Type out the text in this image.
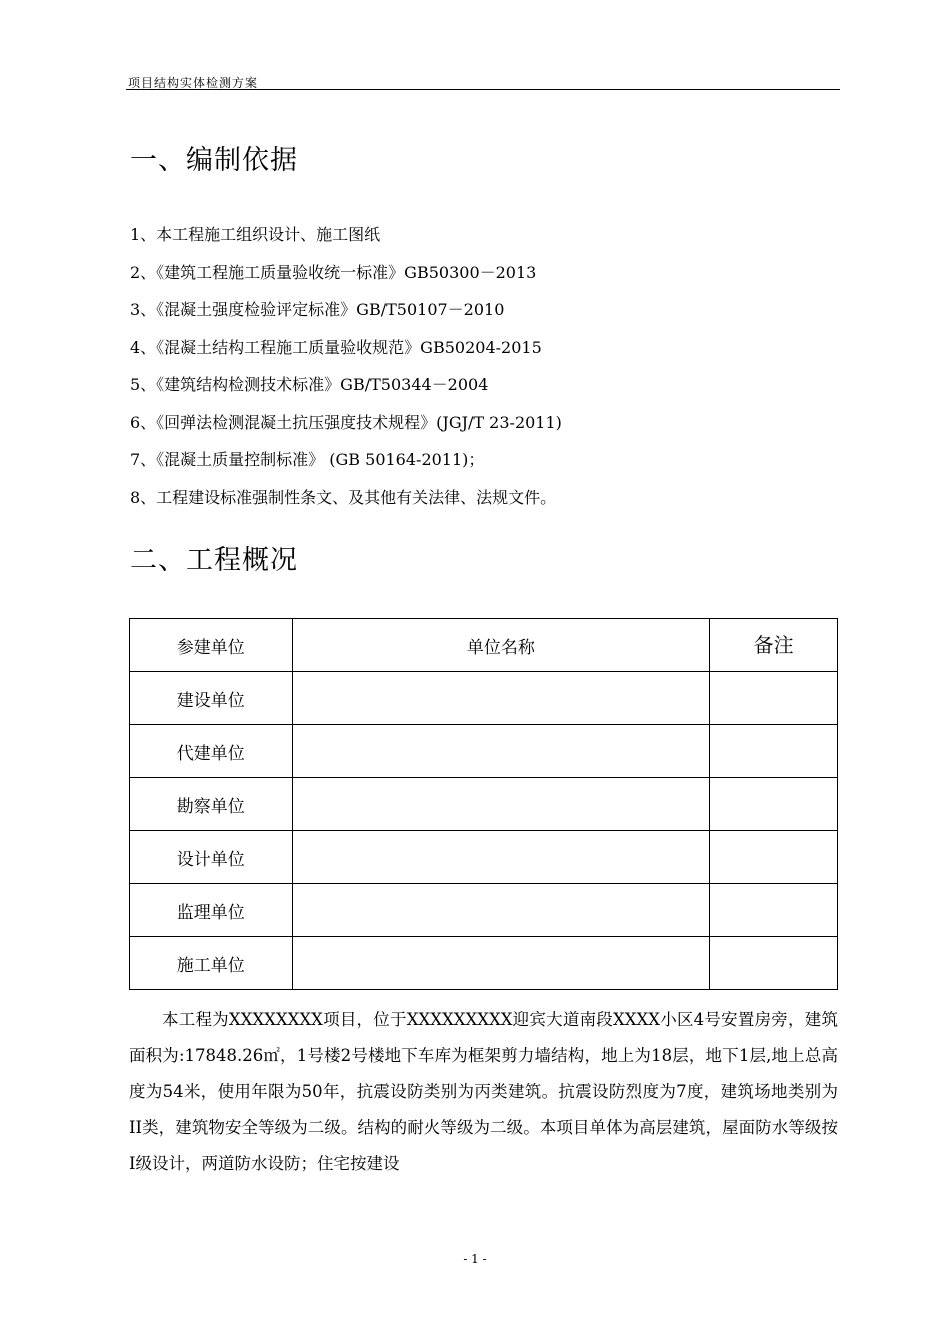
项目结构实体检测方案
一、编制依据
1、本工程施工组织设计、施工图纸
2、《建筑工程施工质量验收统一标准》GB50300－2013
3、《混凝土强度检验评定标准》GB/T50107－2010
4、《混凝土结构工程施工质量验收规范》GB50204-2015
5、《建筑结构检测技术标准》GB/T50344－2004
6、《回弹法检测混凝土抗压强度技术规程》(JGJ/T 23-2011)
7、《混凝土质量控制标准》 (GB 50164-2011)；
8、工程建设标准强制性条文、及其他有关法律、法规文件。
二、工程概况
参建单位	单位名称	备注
建设单位		
代建单位		
勘察单位		
设计单位		
监理单位		
施工单位		

本工程为XXXXXXXX项目，位于XXXXXXXXX迎宾大道南段XXXX小区4号安置房旁，建筑面积为:17848.26㎡，1号楼2号楼地下车库为框架剪力墙结构，地上为18层，地下1层,地上总高度为54米，使用年限为50年，抗震设防类别为丙类建筑。抗震设防烈度为7度，建筑场地类别为II类，建筑物安全等级为二级。结构的耐火等级为二级。本项目单体为高层建筑，屋面防水等级按I级设计，两道防水设防；住宅按建设

- 1 -
